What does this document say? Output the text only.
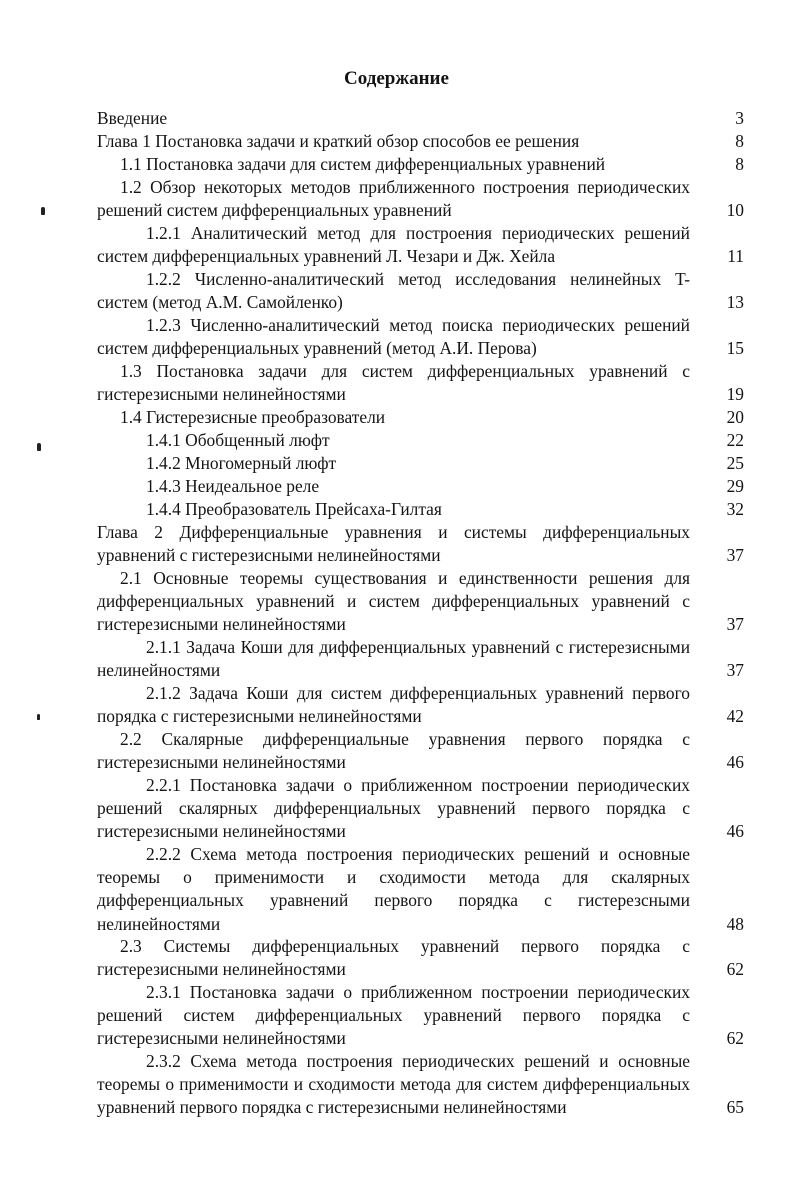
Содержание
Введение	3
Глава 1 Постановка задачи и краткий обзор способов ее решения	8
1.1 Постановка задачи для систем дифференциальных уравнений	8
1.2 Обзор некоторых методов приближенного построения периодических решений систем дифференциальных уравнений	10
1.2.1 Аналитический метод для построения периодических решений систем дифференциальных уравнений Л. Чезари и Дж. Хейла	11
1.2.2 Численно-аналитический метод исследования нелинейных T-систем (метод А.М. Самойленко)	13
1.2.3 Численно-аналитический метод поиска периодических решений систем дифференциальных уравнений (метод А.И. Перова)	15
1.3 Постановка задачи для систем дифференциальных уравнений с гистерезисными нелинейностями	19
1.4 Гистерезисные преобразователи	20
1.4.1 Обобщенный люфт	22
1.4.2 Многомерный люфт	25
1.4.3 Неидеальное реле	29
1.4.4 Преобразователь Прейсаха-Гилтая	32
Глава 2 Дифференциальные уравнения и системы дифференциальных уравнений с гистерезисными нелинейностями	37
2.1 Основные теоремы существования и единственности решения для дифференциальных уравнений и систем дифференциальных уравнений с гистерезисными нелинейностями	37
2.1.1 Задача Коши для дифференциальных уравнений с гистерезисными нелинейностями	37
2.1.2 Задача Коши для систем дифференциальных уравнений первого порядка с гистерезисными нелинейностями	42
2.2 Скалярные дифференциальные уравнения первого порядка с гистерезисными нелинейностями	46
2.2.1 Постановка задачи о приближенном построении периодических решений скалярных дифференциальных уравнений первого порядка с гистерезисными нелинейностями	46
2.2.2 Схема метода построения периодических решений и основные теоремы о применимости и сходимости метода для скалярных дифференциальных уравнений первого порядка с гистерезсными нелинейностями	48
2.3 Системы дифференциальных уравнений первого порядка с гистерезисными нелинейностями	62
2.3.1 Постановка задачи о приближенном построении периодических решений систем дифференциальных уравнений первого порядка с гистерезисными нелинейностями	62
2.3.2 Схема метода построения периодических решений и основные теоремы о применимости и сходимости метода для систем дифференциальных уравнений первого порядка с гистерезисными нелинейностями	65
